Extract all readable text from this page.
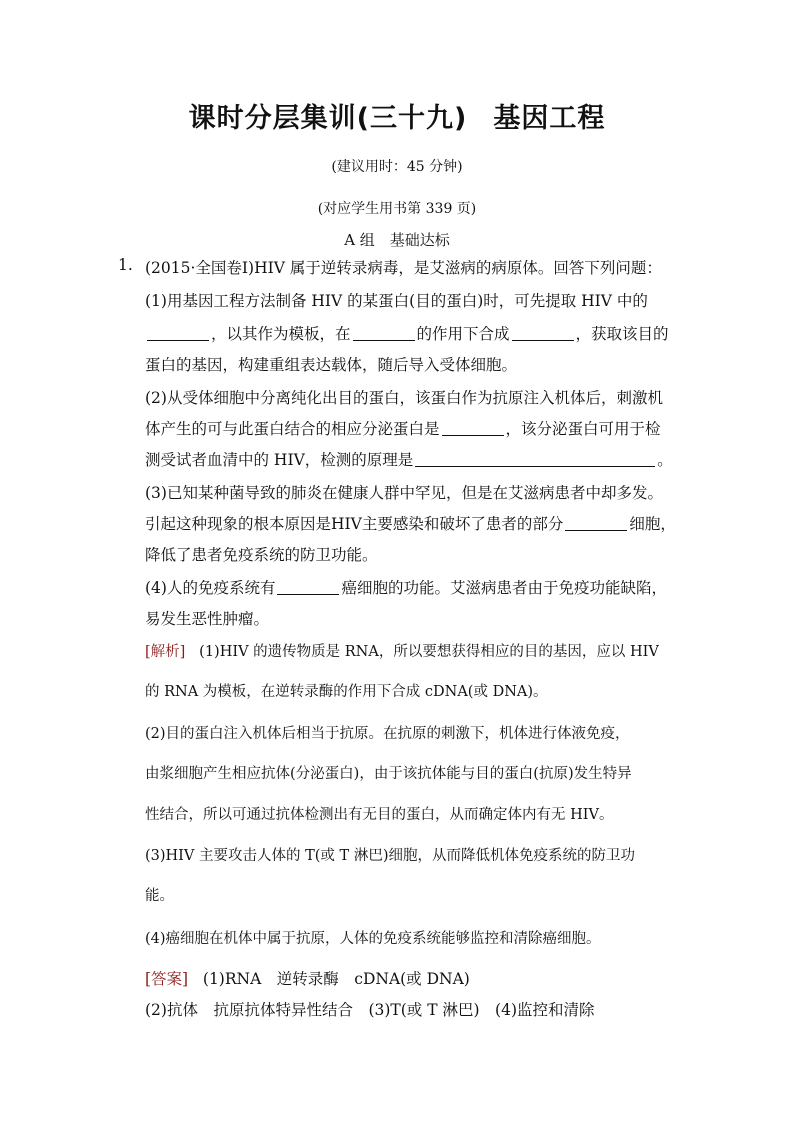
课时分层集训(三十九) 基因工程
(建议用时：45 分钟)
(对应学生用书第 339 页)
A 组　基础达标
1. (2015·全国卷Ⅰ)HIV 属于逆转录病毒，是艾滋病的病原体。回答下列问题：
(1)用基因工程方法制备 HIV 的某蛋白(目的蛋白)时，可先提取 HIV 中的
，以其作为模板，在	的作用下合成	，获取该目的
蛋白的基因，构建重组表达载体，随后导入受体细胞。
(2)从受体细胞中分离纯化出目的蛋白，该蛋白作为抗原注入机体后，刺激机
体产生的可与此蛋白结合的相应分泌蛋白是	，该分泌蛋白可用于检
测受试者血清中的 HIV，检测的原理是	。
(3)已知某种菌导致的肺炎在健康人群中罕见，但是在艾滋病患者中却多发。
引起这种现象的根本原因是HIV主要感染和破坏了患者的部分	细胞，
降低了患者免疫系统的防卫功能。
(4)人的免疫系统有	癌细胞的功能。艾滋病患者由于免疫功能缺陷，
易发生恶性肿瘤。
[解析] (1)HIV 的遗传物质是 RNA，所以要想获得相应的目的基因，应以 HIV
的 RNA 为模板，在逆转录酶的作用下合成 cDNA(或 DNA)。
(2)目的蛋白注入机体后相当于抗原。在抗原的刺激下，机体进行体液免疫，
由浆细胞产生相应抗体(分泌蛋白)，由于该抗体能与目的蛋白(抗原)发生特异
性结合，所以可通过抗体检测出有无目的蛋白，从而确定体内有无 HIV。
(3)HIV 主要攻击人体的 T(或 T 淋巴)细胞，从而降低机体免疫系统的防卫功
能。
(4)癌细胞在机体中属于抗原，人体的免疫系统能够监控和清除癌细胞。
[答案] (1)RNA　逆转录酶　cDNA(或 DNA)
(2)抗体　抗原抗体特异性结合　(3)T(或 T 淋巴)　(4)监控和清除
